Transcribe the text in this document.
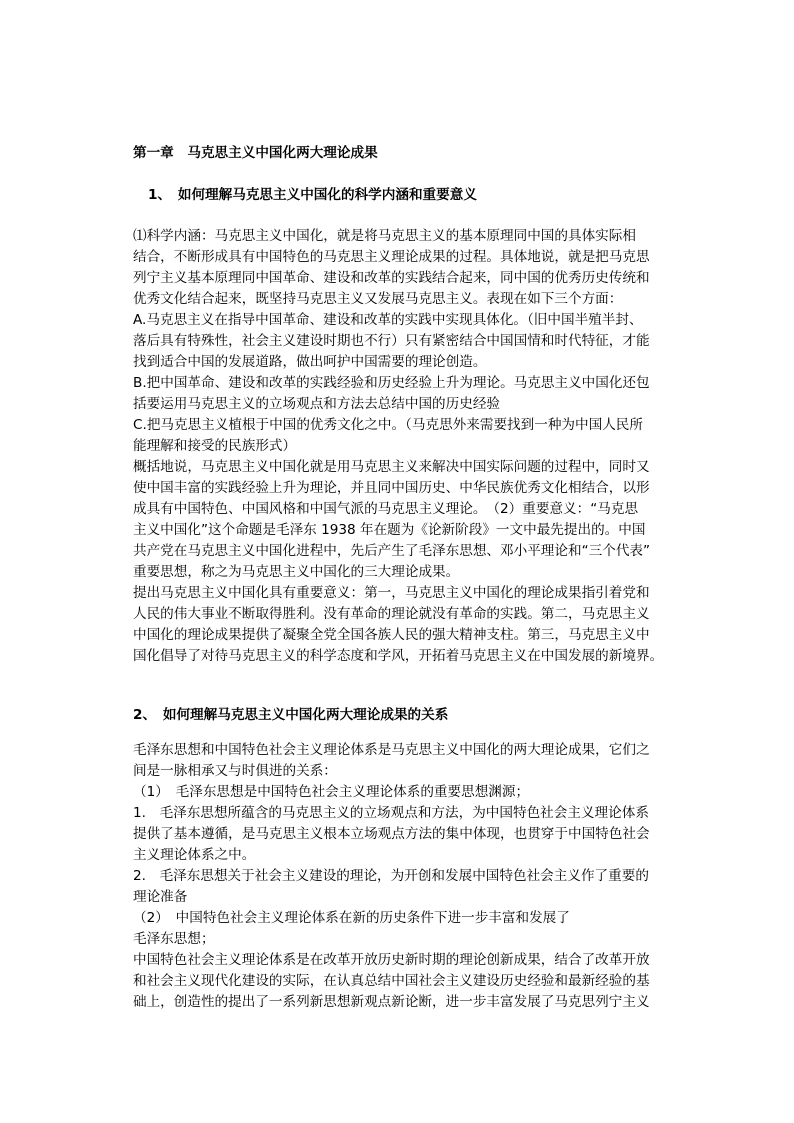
第一章　马克思主义中国化两大理论成果
1、　如何理解马克思主义中国化的科学内涵和重要意义
⑴科学内涵：马克思主义中国化，就是将马克思主义的基本原理同中国的具体实际相
结合，不断形成具有中国特色的马克思主义理论成果的过程。具体地说，就是把马克思
列宁主义基本原理同中国革命、建设和改革的实践结合起来，同中国的优秀历史传统和
优秀文化结合起来，既坚持马克思主义又发展马克思主义。表现在如下三个方面：
A.马克思主义在指导中国革命、建设和改革的实践中实现具体化。（旧中国半殖半封、
落后具有特殊性，社会主义建设时期也不行）只有紧密结合中国国情和时代特征，才能
找到适合中国的发展道路，做出呵护中国需要的理论创造。
B.把中国革命、建设和改革的实践经验和历史经验上升为理论。马克思主义中国化还包
括要运用马克思主义的立场观点和方法去总结中国的历史经验
C.把马克思主义植根于中国的优秀文化之中。（马克思外来需要找到一种为中国人民所
能理解和接受的民族形式）
概括地说，马克思主义中国化就是用马克思主义来解决中国实际问题的过程中，同时又
使中国丰富的实践经验上升为理论，并且同中国历史、中华民族优秀文化相结合，以形
成具有中国特色、中国风格和中国气派的马克思主义理论。　（2）重要意义：“马克思
主义中国化”这个命题是毛泽东 1938 年在题为《论新阶段》一文中最先提出的。中国
共产党在马克思主义中国化进程中，先后产生了毛泽东思想、邓小平理论和“三个代表”
重要思想，称之为马克思主义中国化的三大理论成果。
提出马克思主义中国化具有重要意义：第一，马克思主义中国化的理论成果指引着党和
人民的伟大事业不断取得胜利。没有革命的理论就没有革命的实践。第二，马克思主义
中国化的理论成果提供了凝聚全党全国各族人民的强大精神支柱。第三，马克思主义中
国化倡导了对待马克思主义的科学态度和学风，开拓着马克思主义在中国发展的新境界。
2、　如何理解马克思主义中国化两大理论成果的关系
毛泽东思想和中国特色社会主义理论体系是马克思主义中国化的两大理论成果，它们之
间是一脉相承又与时俱进的关系：
（1）　毛泽东思想是中国特色社会主义理论体系的重要思想渊源；
1.　毛泽东思想所蕴含的马克思主义的立场观点和方法，为中国特色社会主义理论体系
提供了基本遵循，是马克思主义根本立场观点方法的集中体现，也贯穿于中国特色社会
主义理论体系之中。
2.　毛泽东思想关于社会主义建设的理论，为开创和发展中国特色社会主义作了重要的
理论准备
（2）　中国特色社会主义理论体系在新的历史条件下进一步丰富和发展了
毛泽东思想；
中国特色社会主义理论体系是在改革开放历史新时期的理论创新成果，结合了改革开放
和社会主义现代化建设的实际，在认真总结中国社会主义建设历史经验和最新经验的基
础上，创造性的提出了一系列新思想新观点新论断，进一步丰富发展了马克思列宁主义
